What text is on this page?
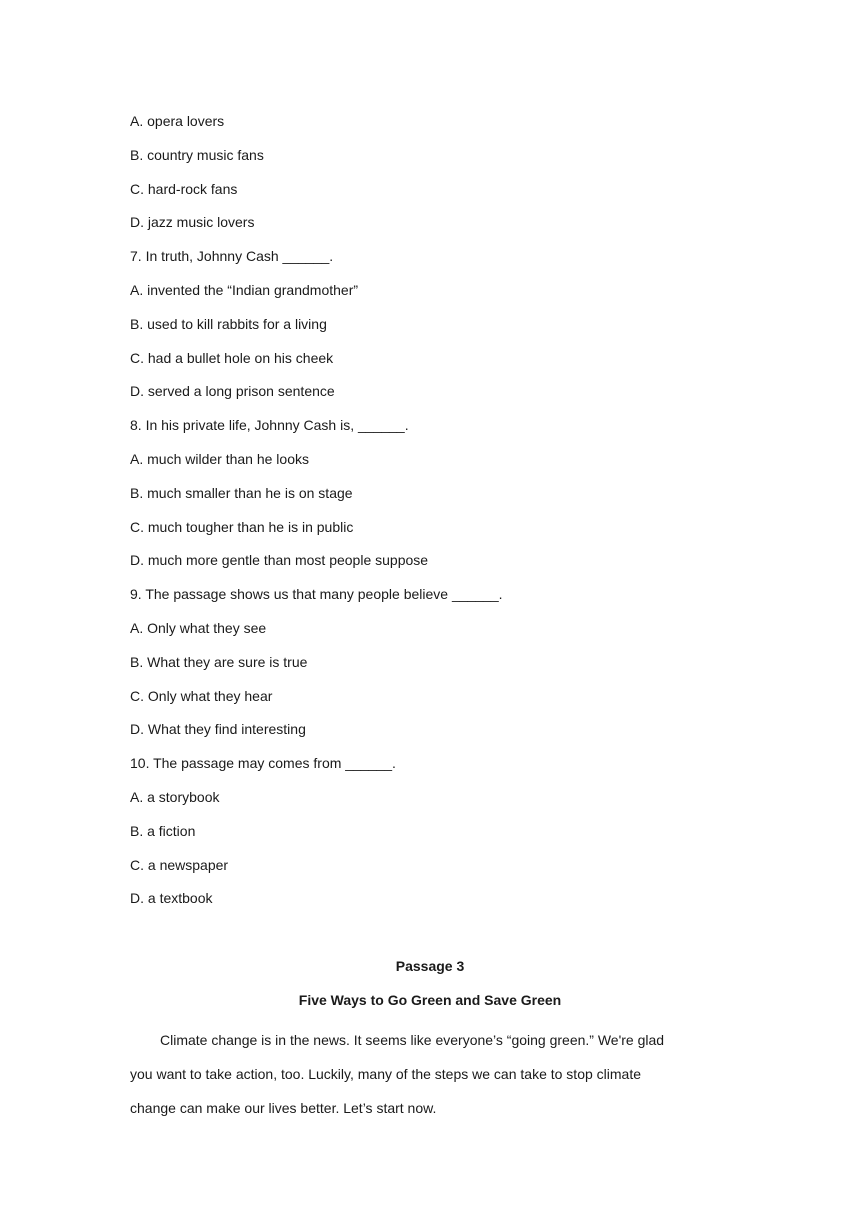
A. opera lovers
B. country music fans
C. hard-rock fans
D. jazz music lovers
7. In truth, Johnny Cash ______.
A. invented the “Indian grandmother”
B. used to kill rabbits for a living
C. had a bullet hole on his cheek
D. served a long prison sentence
8. In his private life, Johnny Cash is, ______.
A. much wilder than he looks
B. much smaller than he is on stage
C. much tougher than he is in public
D. much more gentle than most people suppose
9. The passage shows us that many people believe ______.
A. Only what they see
B. What they are sure is true
C. Only what they hear
D. What they find interesting
10. The passage may comes from ______.
A. a storybook
B. a fiction
C. a newspaper
D. a textbook
Passage 3
Five Ways to Go Green and Save Green

Climate change is in the news. It seems like everyone’s “going green.” We're glad you want to take action, too. Luckily, many of the steps we can take to stop climate change can make our lives better. Let’s start now.
